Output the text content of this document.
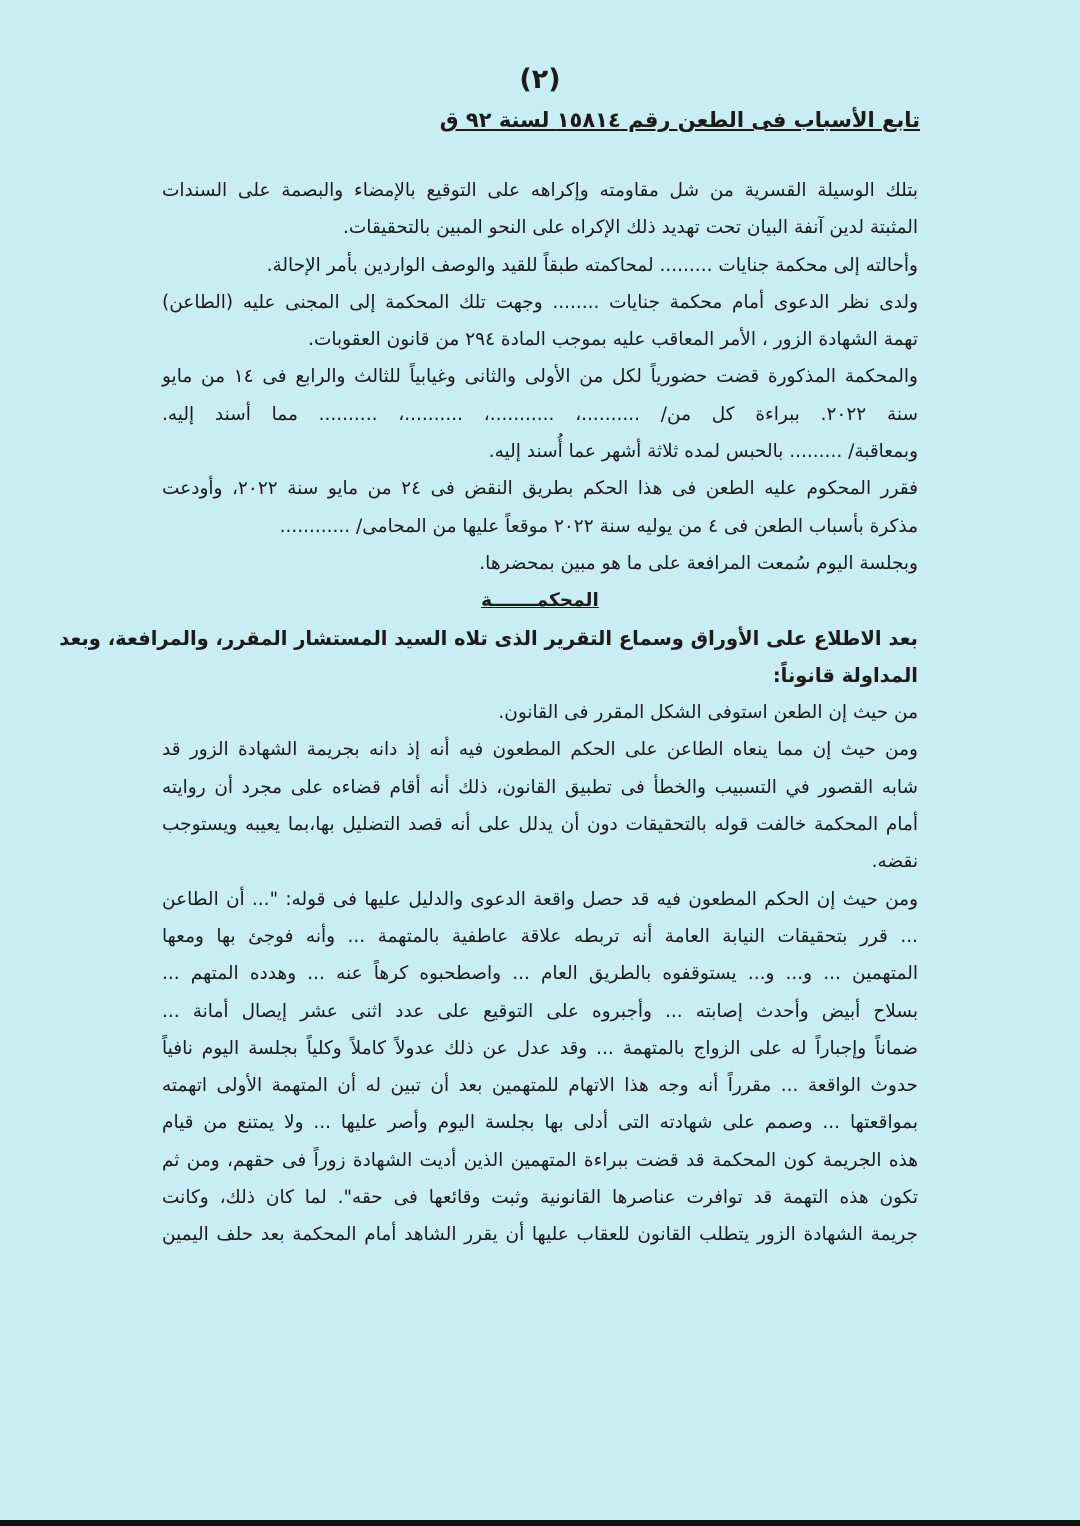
(٢)
تابع الأسباب فى الطعن رقم ١٥٨١٤ لسنة ٩٢ ق
بتلك الوسيلة القسرية من شل مقاومته وإكراهه على التوقيع بالإمضاء والبصمة على السندات
المثبتة لدين آنفة البيان تحت تهديد ذلك الإكراه على النحو المبين بالتحقيقات.
وأحالته إلى محكمة جنايات ......... لمحاكمته طبقاً للقيد والوصف الواردين بأمر الإحالة.
ولدى نظر الدعوى أمام محكمة جنايات ........ وجهت تلك المحكمة إلى المجنى عليه (الطاعن)
تهمة الشهادة الزور ، الأمر المعاقب عليه بموجب المادة ٢٩٤ من قانون العقوبات.
والمحكمة المذكورة قضت حضورياً لكل من الأولى والثانى وغيابياً للثالث والرابع فى ١٤ من مايو
سنة ٢٠٢٢. ببراءة كل من/ ..........، ...........، ..........، .......... مما أسند إليه.
وبمعاقبة/ ......... بالحبس لمده ثلاثة أشهر عما أُسند إليه.
فقرر المحكوم عليه الطعن فى هذا الحكم بطريق النقض فى ٢٤ من مايو سنة ٢٠٢٢، وأودعت
مذكرة بأسباب الطعن فى ٤ من يوليه سنة ٢٠٢٢ موقعاً عليها من المحامى/ ............
وبجلسة اليوم سُمعت المرافعة على ما هو مبين بمحضرها.
المحكمـــــــة
بعد الاطلاع على الأوراق وسماع التقرير الذى تلاه السيد المستشار المقرر، والمرافعة، وبعد
المداولة قانوناً:
من حيث إن الطعن استوفى الشكل المقرر فى القانون.
ومن حيث إن مما ينعاه الطاعن على الحكم المطعون فيه أنه إذ دانه بجريمة الشهادة الزور قد
شابه القصور في التسبيب والخطأ فى تطبيق القانون، ذلك أنه أقام قضاءه على مجرد أن روايته
أمام المحكمة خالفت قوله بالتحقيقات دون أن يدلل على أنه قصد التضليل بها،بما يعيبه ويستوجب
نقضه.
ومن حيث إن الحكم المطعون فيه قد حصل واقعة الدعوى والدليل عليها فى قوله: "... أن الطاعن
... قرر بتحقيقات النيابة العامة أنه تربطه علاقة عاطفية بالمتهمة ... وأنه فوجئ بها ومعها
المتهمين ... و... و... يستوقفوه بالطريق العام ... واصطحبوه كرهاً عنه ... وهدده المتهم ...
بسلاح أبيض وأحدث إصابته ... وأجبروه على التوقيع على عدد اثنى عشر إيصال أمانة ...
ضماناً وإجباراً له على الزواج بالمتهمة ... وقد عدل عن ذلك عدولاً كاملاً وكلياً بجلسة اليوم نافياً
حدوث الواقعة ... مقرراً أنه وجه هذا الاتهام للمتهمين بعد أن تبين له أن المتهمة الأولى اتهمته
بمواقعتها ... وصمم على شهادته التى أدلى بها بجلسة اليوم وأصر عليها ... ولا يمتنع من قيام
هذه الجريمة كون المحكمة قد قضت ببراءة المتهمين الذين أديت الشهادة زوراً فى حقهم، ومن ثم
تكون هذه التهمة قد توافرت عناصرها القانونية وثبت وقائعها فى حقه". لما كان ذلك، وكانت
جريمة الشهادة الزور يتطلب القانون للعقاب عليها أن يقرر الشاهد أمام المحكمة بعد حلف اليمين
